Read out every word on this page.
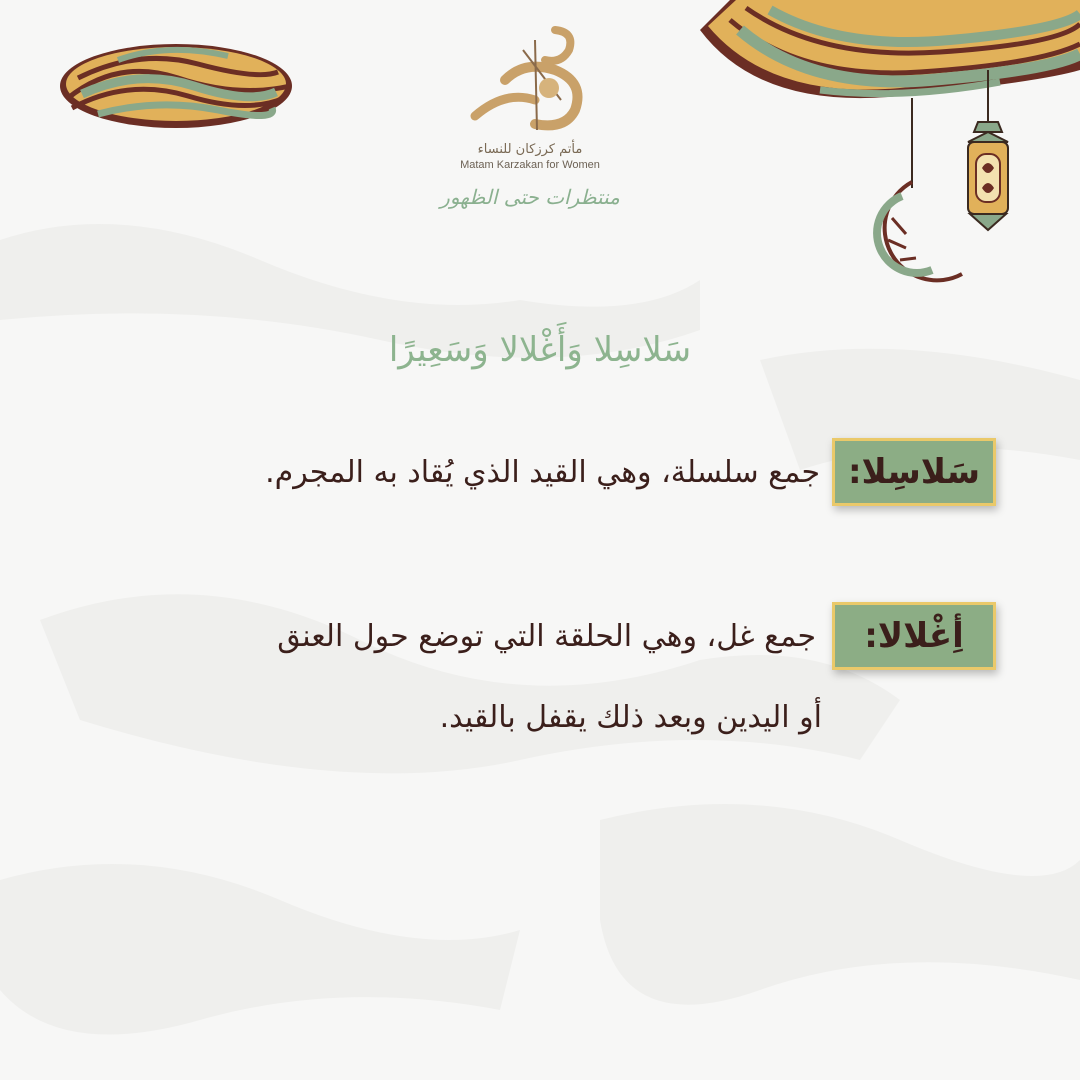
مأتم كرزكان للنساء
Matam Karzakan for Women
منتظرات حتى الظهور
سَلاسِلا وَأَغْلالا وَسَعِيرًا
سَلاسِلا:
جمع سلسلة، وهي القيد الذي يُقاد به المجرم.
أِغْلالا:
جمع غل، وهي الحلقة التي توضع حول العنق
أو اليدين وبعد ذلك يقفل بالقيد.
